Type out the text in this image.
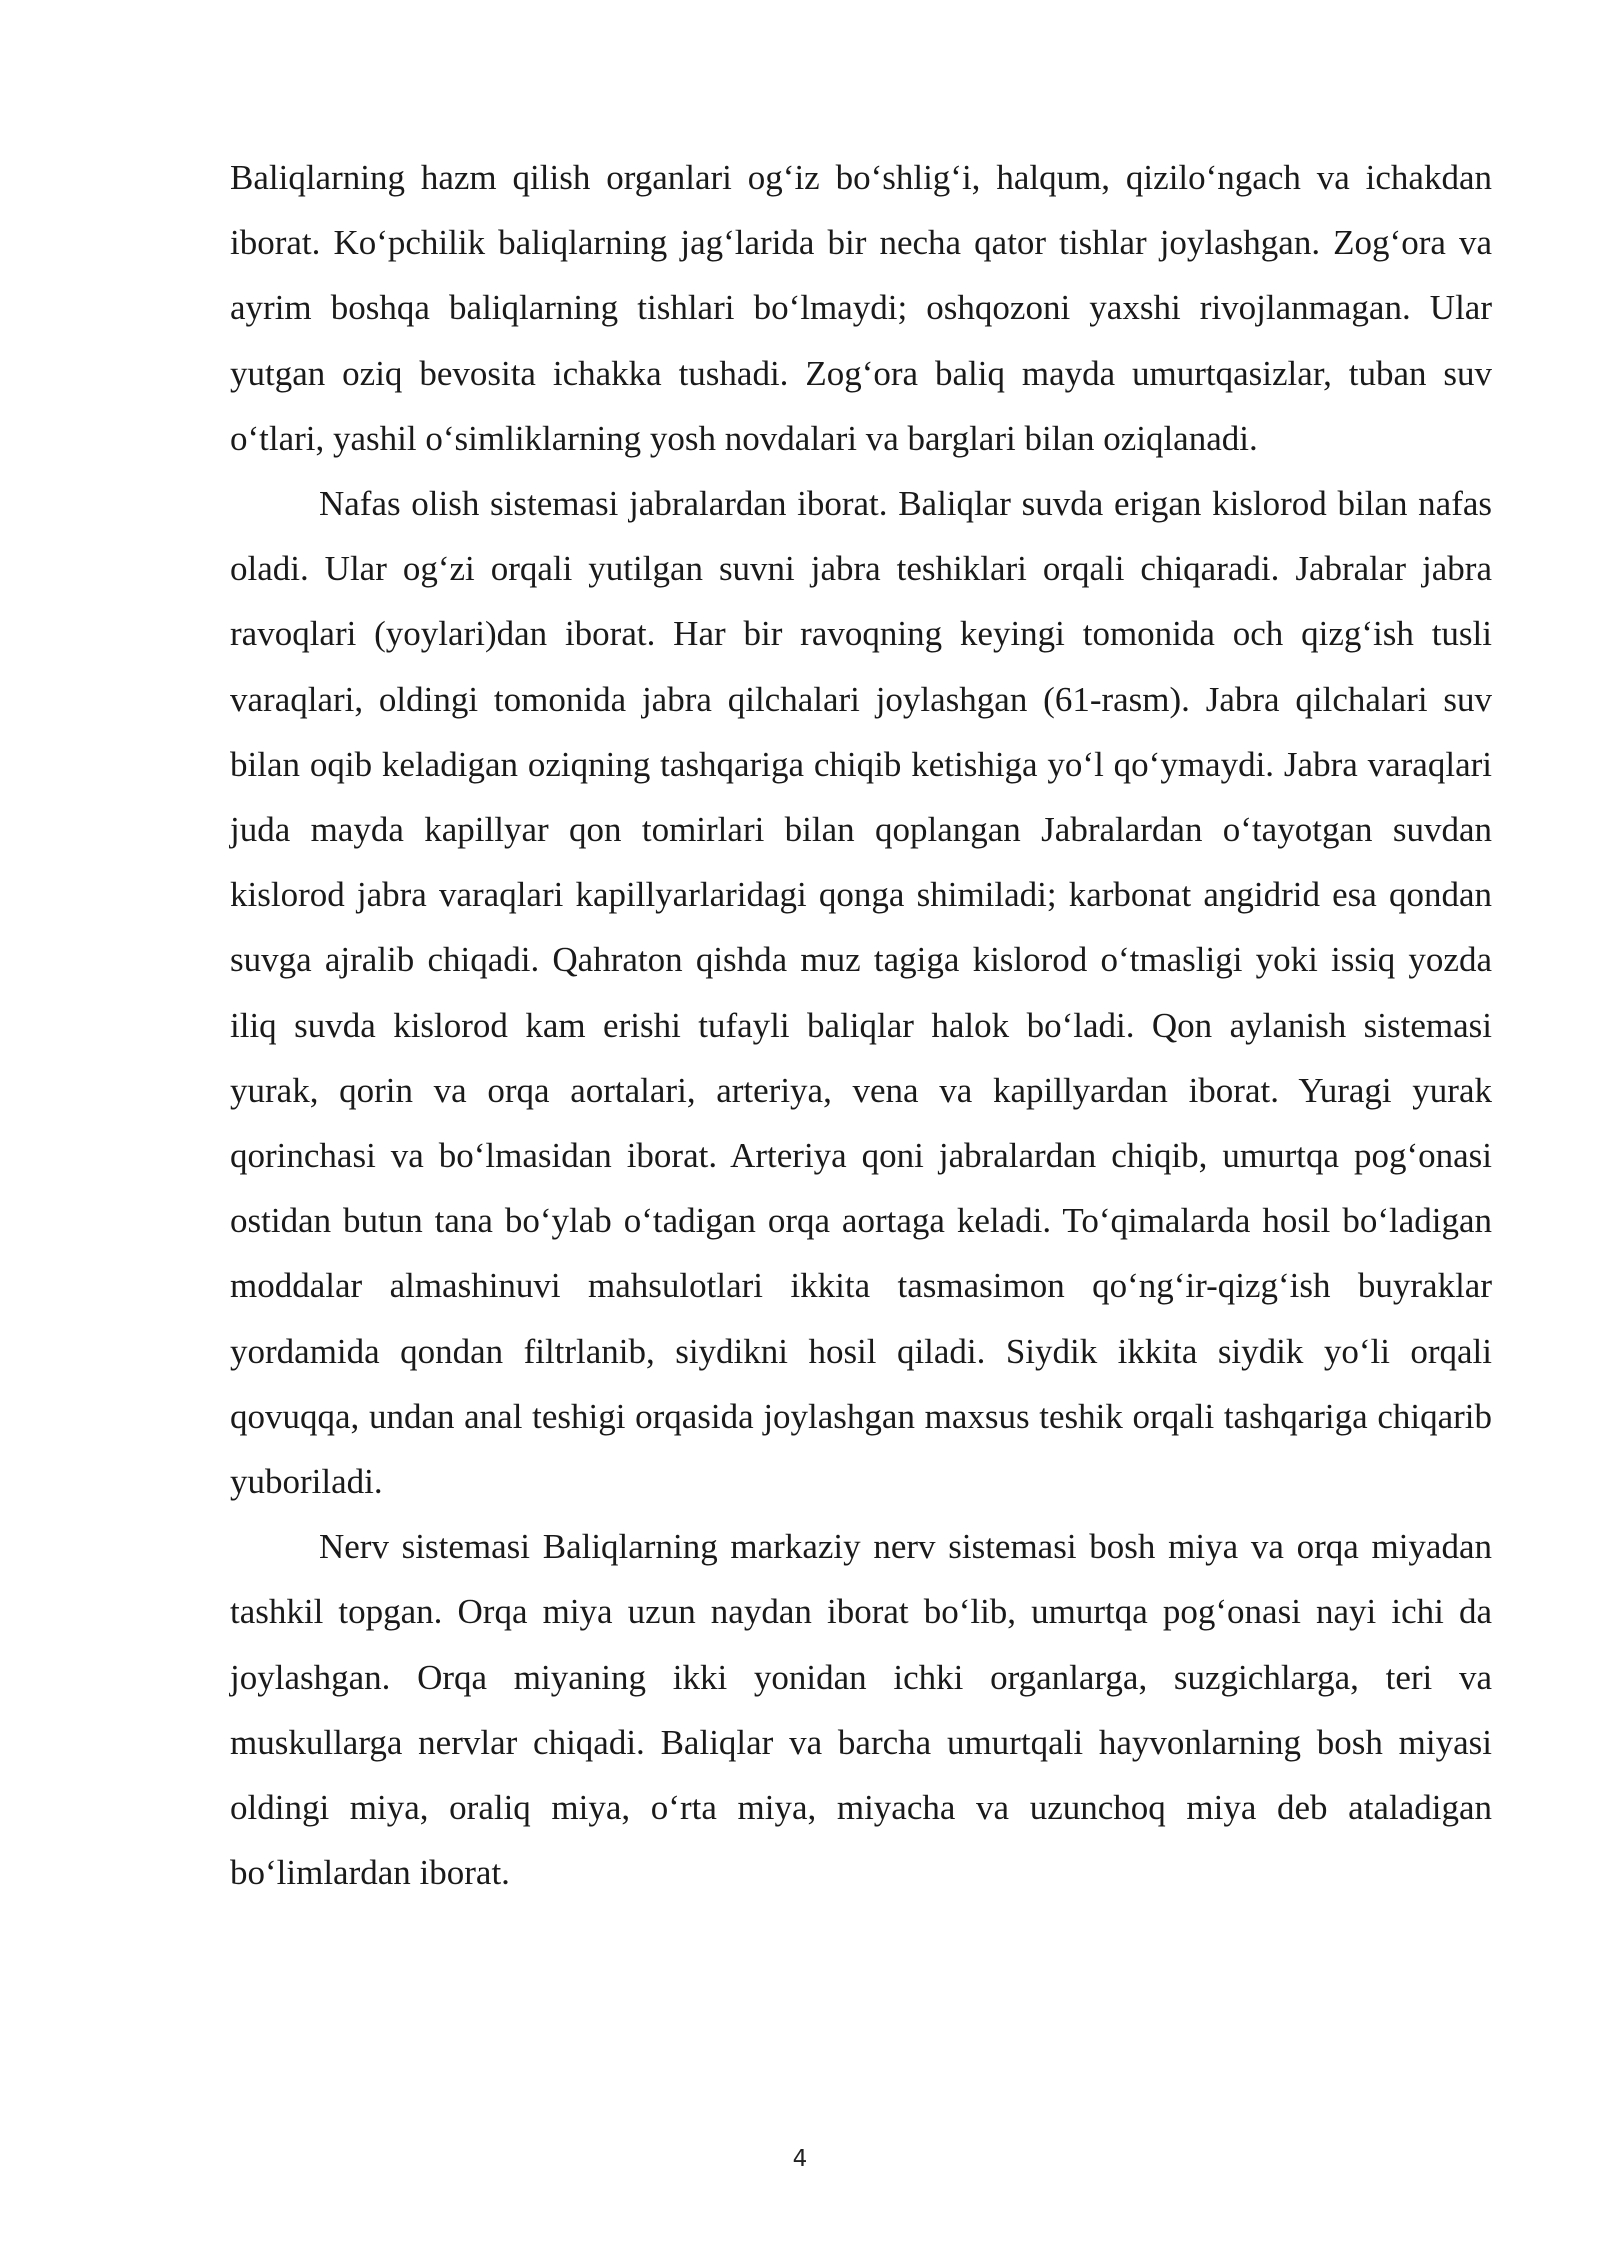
Baliqlarning hazm qilish organlari og‘iz bo‘shlig‘i, halqum, qizilo‘ngach va ichakdan iborat. Ko‘pchilik baliqlarning jag‘larida bir necha qator tishlar joylashgan. Zog‘ora va ayrim boshqa baliqlarning tishlari bo‘lmaydi; oshqozoni yaxshi rivojlanmagan. Ular yutgan oziq bevosita ichakka tushadi. Zog‘ora baliq mayda umurtqasizlar, tuban suv o‘tlari, yashil o‘simliklarning yosh novdalari va barglari bilan oziqlanadi.

Nafas olish sistemasi jabralardan iborat. Baliqlar suvda erigan kislorod bilan nafas oladi. Ular og‘zi orqali yutilgan suvni jabra teshiklari orqali chiqaradi. Jabralar jabra ravoqlari (yoylari)dan iborat. Har bir ravoqning keyingi tomonida och qizg‘ish tusli varaqlari, oldingi tomonida jabra qilchalari joylashgan (61-rasm). Jabra qilchalari suv bilan oqib keladigan oziqning tashqariga chiqib ketishiga yo‘l qo‘ymaydi. Jabra varaqlari juda mayda kapillyar qon tomirlari bilan qoplangan Jabralardan o‘tayotgan suvdan kislorod jabra varaqlari kapillyarlaridagi qonga shimiladi; karbonat angidrid esa qondan suvga ajralib chiqadi. Qahraton qishda muz tagiga kislorod o‘tmasligi yoki issiq yozda iliq suvda kislorod kam erishi tufayli baliqlar halok bo‘ladi. Qon aylanish sistemasi yurak, qorin va orqa aortalari, arteriya, vena va kapillyardan iborat. Yuragi yurak qorinchasi va bo‘lmasidan iborat. Arteriya qoni jabralardan chiqib, umurtqa pog‘onasi ostidan butun tana bo‘ylab o‘tadigan orqa aortaga keladi. To‘qimalarda hosil bo‘ladigan moddalar almashinuvi mahsulotlari ikkita tasmasimon qo‘ng‘ir-qizg‘ish buyraklar yordamida qondan filtrlanib, siydikni hosil qiladi. Siydik ikkita siydik yo‘li orqali qovuqqa, undan anal teshigi orqasida joylashgan maxsus teshik orqali tashqariga chiqarib yuboriladi.

Nerv sistemasi Baliqlarning markaziy nerv sistemasi bosh miya va orqa miyadan tashkil topgan. Orqa miya uzun naydan iborat bo‘lib, umurtqa pog‘onasi nayi ichi da joylashgan. Orqa miyaning ikki yonidan ichki organlarga, suzgichlarga, teri va muskullarga nervlar chiqadi. Baliqlar va barcha umurtqali hayvonlarning bosh miyasi oldingi miya, oraliq miya, o‘rta miya, miyacha va uzunchoq miya deb ataladigan bo‘limlardan iborat.

4
